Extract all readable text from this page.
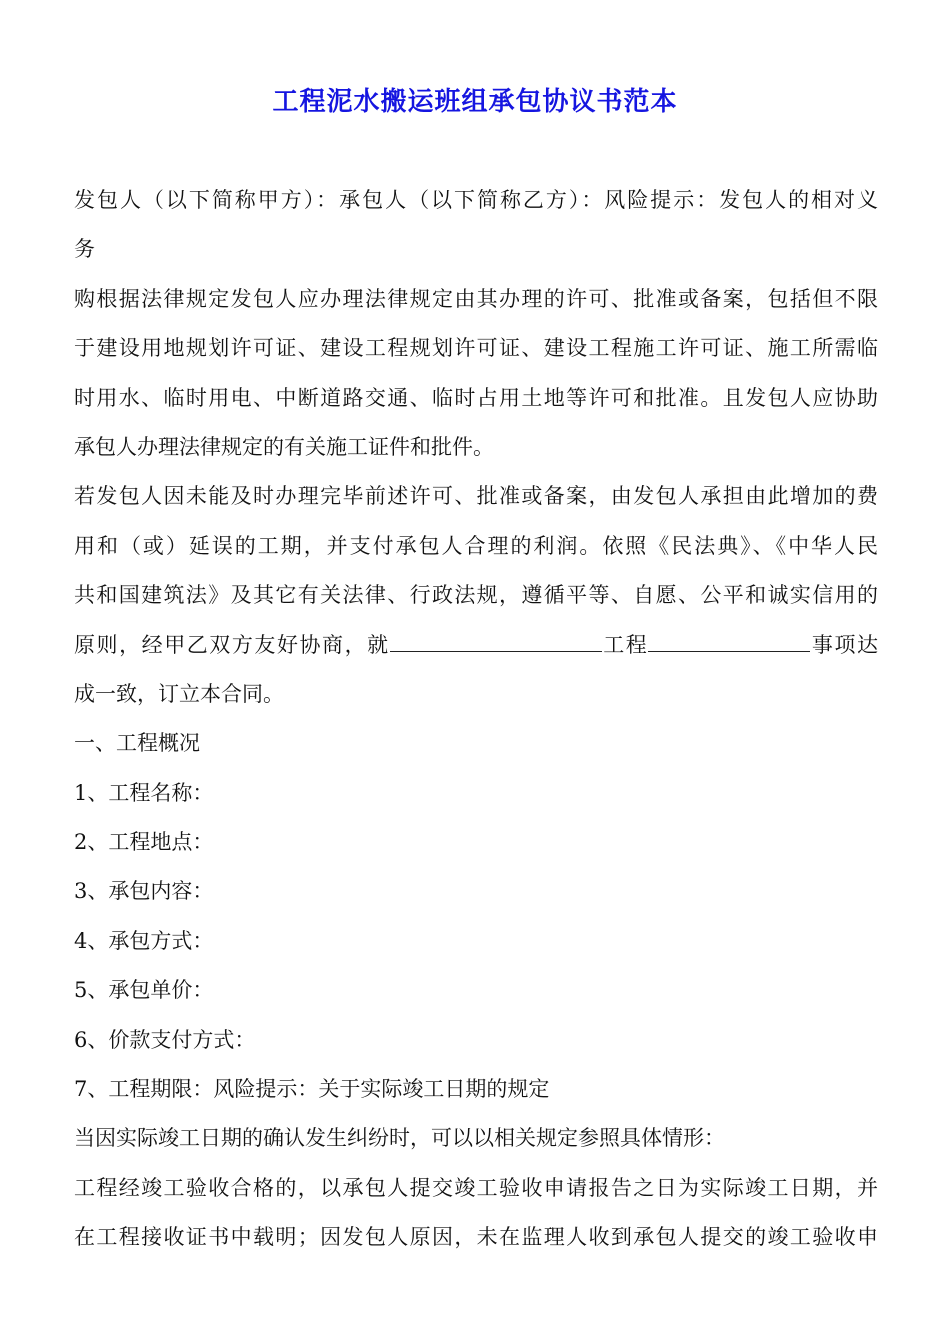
工程泥水搬运班组承包协议书范本
发包人（以下简称甲方）：承包人（以下简称乙方）：风险提示：发包人的相对义
务
购根据法律规定发包人应办理法律规定由其办理的许可、批准或备案，包括但不限
于建设用地规划许可证、建设工程规划许可证、建设工程施工许可证、施工所需临
时用水、临时用电、中断道路交通、临时占用土地等许可和批准。且发包人应协助
承包人办理法律规定的有关施工证件和批件。
若发包人因未能及时办理完毕前述许可、批准或备案，由发包人承担由此增加的费
用和（或）延误的工期，并支付承包人合理的利润。依照《民法典》、《中华人民
共和国建筑法》及其它有关法律、行政法规，遵循平等、自愿、公平和诚实信用的
原则，经甲乙双方友好协商，就	工程	事项达
成一致，订立本合同。
一、工程概况
1、工程名称：
2、工程地点：
3、承包内容：
4、承包方式：
5、承包单价：
6、价款支付方式：
7、工程期限：风险提示：关于实际竣工日期的规定
当因实际竣工日期的确认发生纠纷时，可以以相关规定参照具体情形：
工程经竣工验收合格的，以承包人提交竣工验收申请报告之日为实际竣工日期，并
在工程接收证书中载明；因发包人原因，未在监理人收到承包人提交的竣工验收申
